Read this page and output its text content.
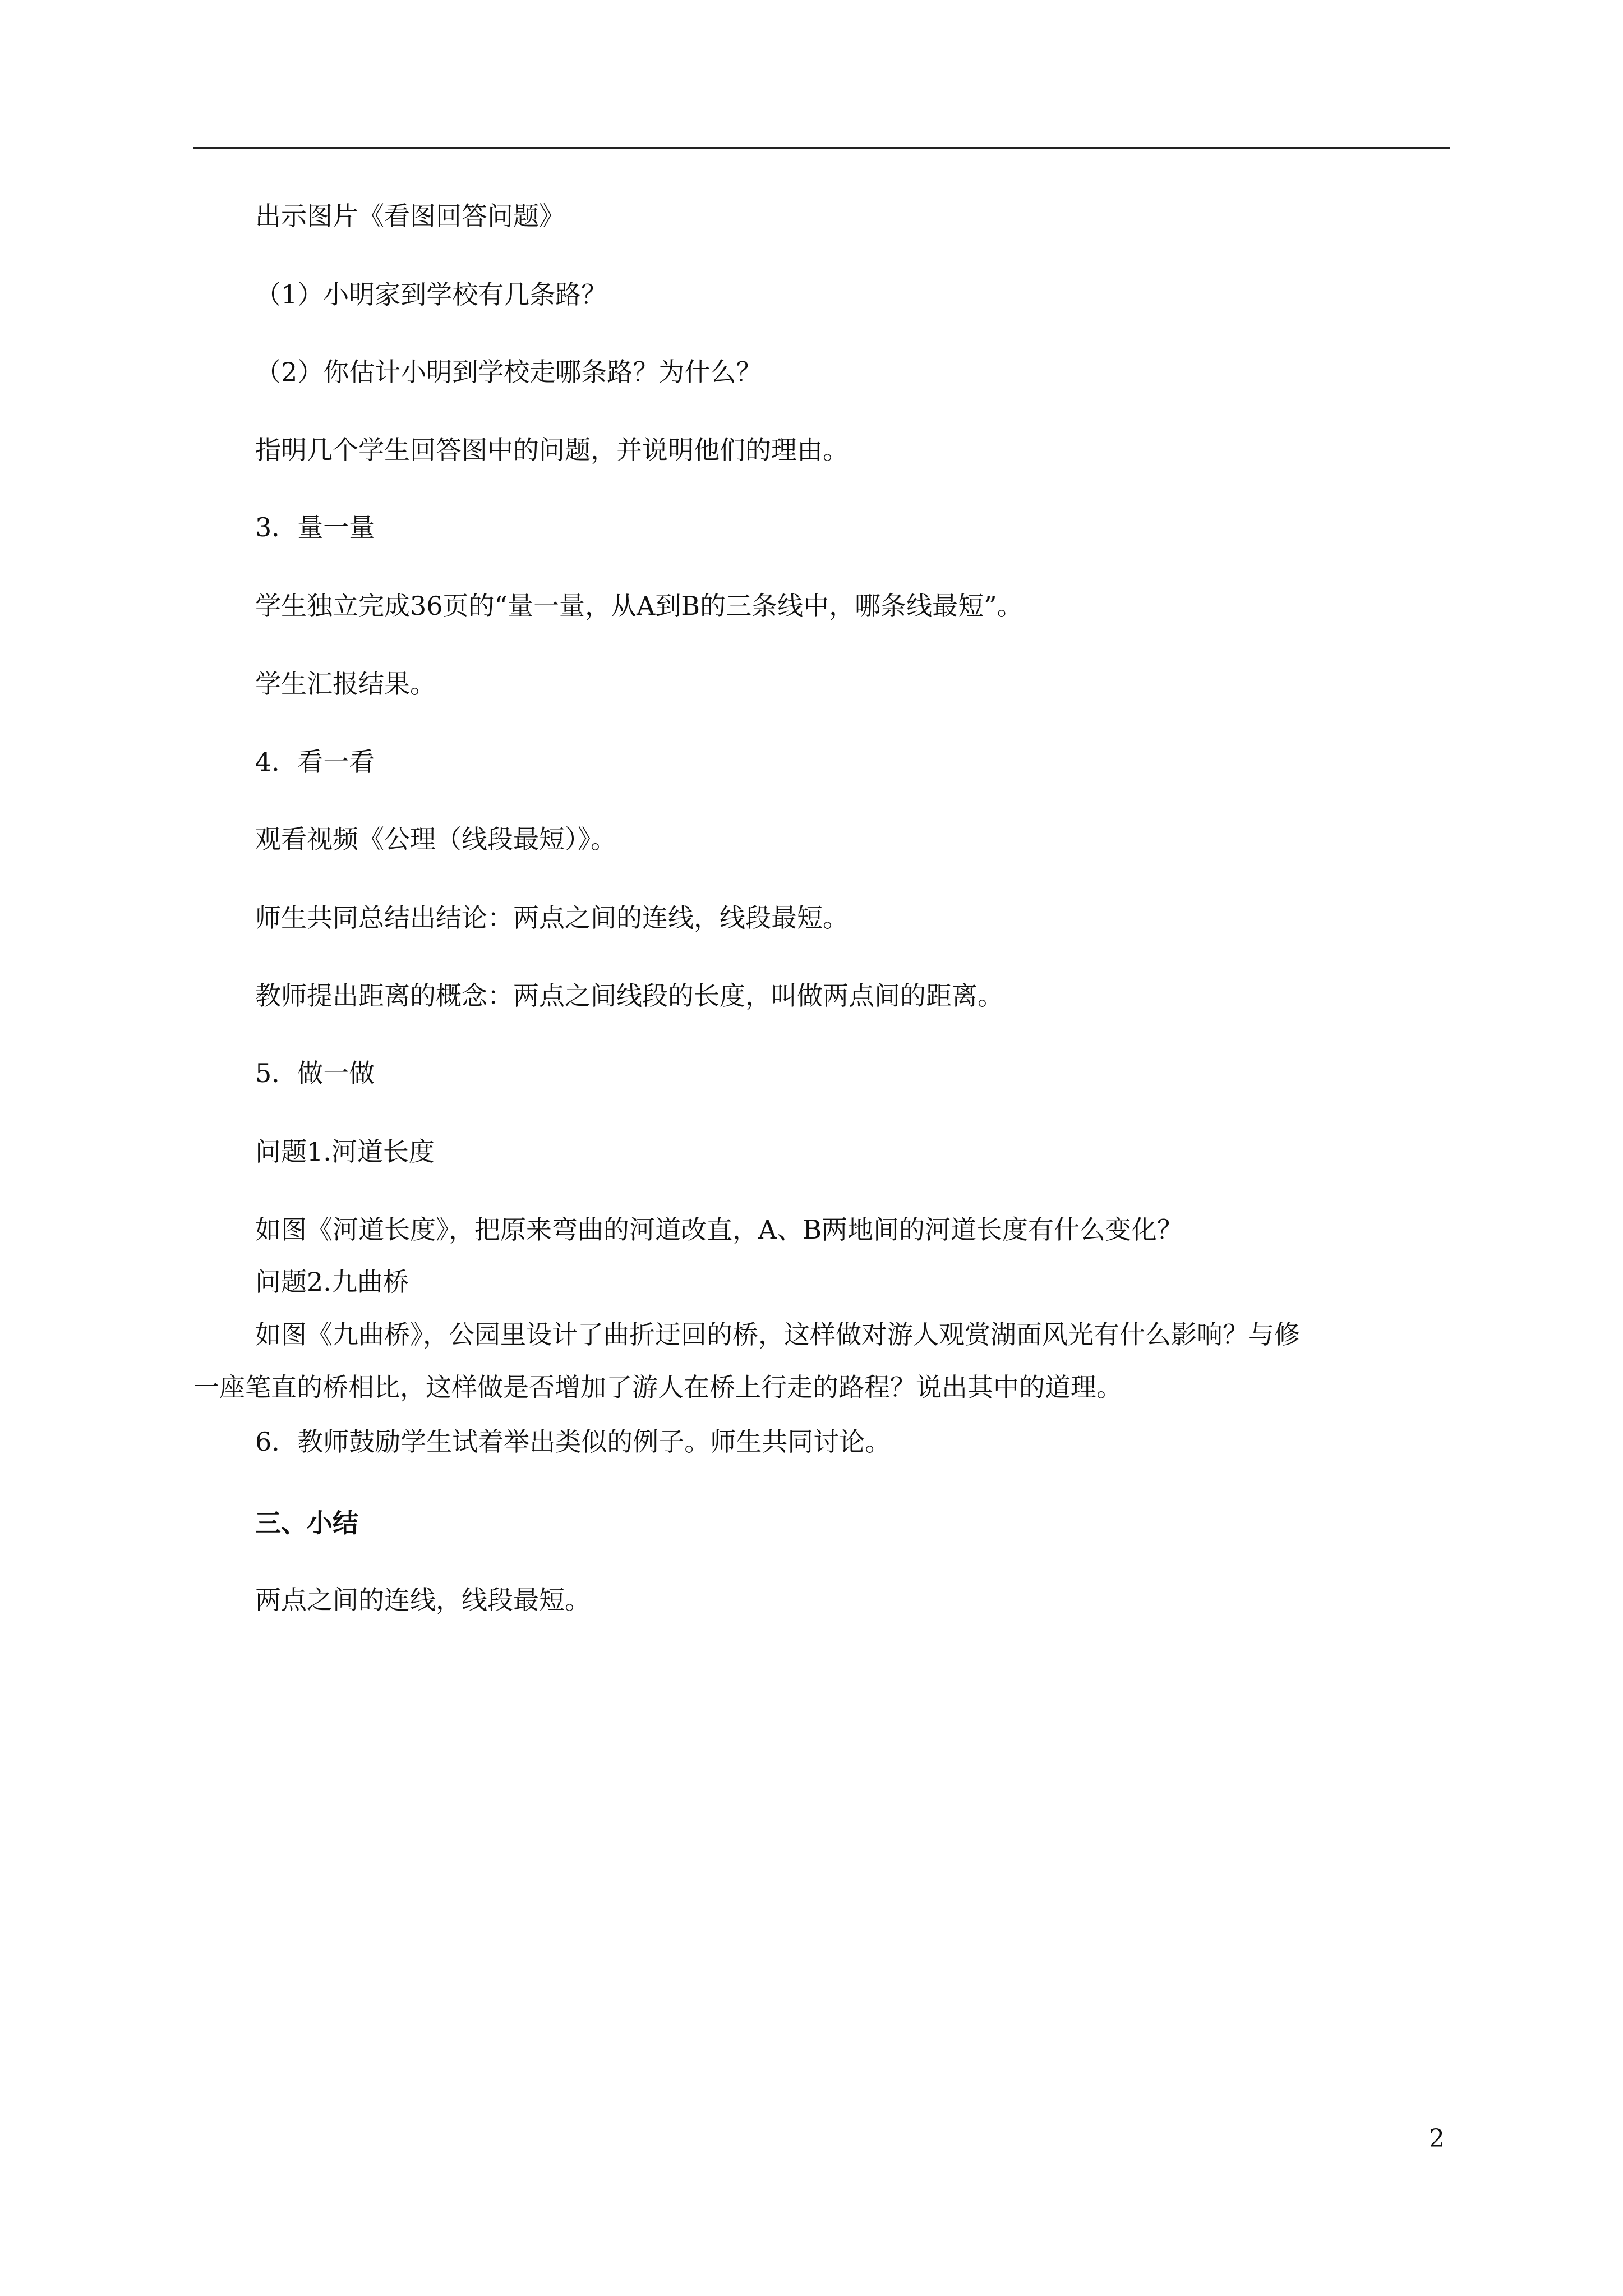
出示图片《看图回答问题》

（1）小明家到学校有几条路？

（2）你估计小明到学校走哪条路？为什么？

指明几个学生回答图中的问题，并说明他们的理由。

3．量一量

学生独立完成36页的“量一量，从A到B的三条线中，哪条线最短”。

学生汇报结果。

4．看一看

观看视频《公理（线段最短）》。

师生共同总结出结论：两点之间的连线，线段最短。

教师提出距离的概念：两点之间线段的长度，叫做两点间的距离。

5．做一做

问题1.河道长度

如图《河道长度》，把原来弯曲的河道改直，A、B两地间的河道长度有什么变化？

问题2.九曲桥

如图《九曲桥》，公园里设计了曲折迂回的桥，这样做对游人观赏湖面风光有什么影响？与修

一座笔直的桥相比，这样做是否增加了游人在桥上行走的路程？说出其中的道理。

6．教师鼓励学生试着举出类似的例子。师生共同讨论。

三、小结

两点之间的连线，线段最短。

2
